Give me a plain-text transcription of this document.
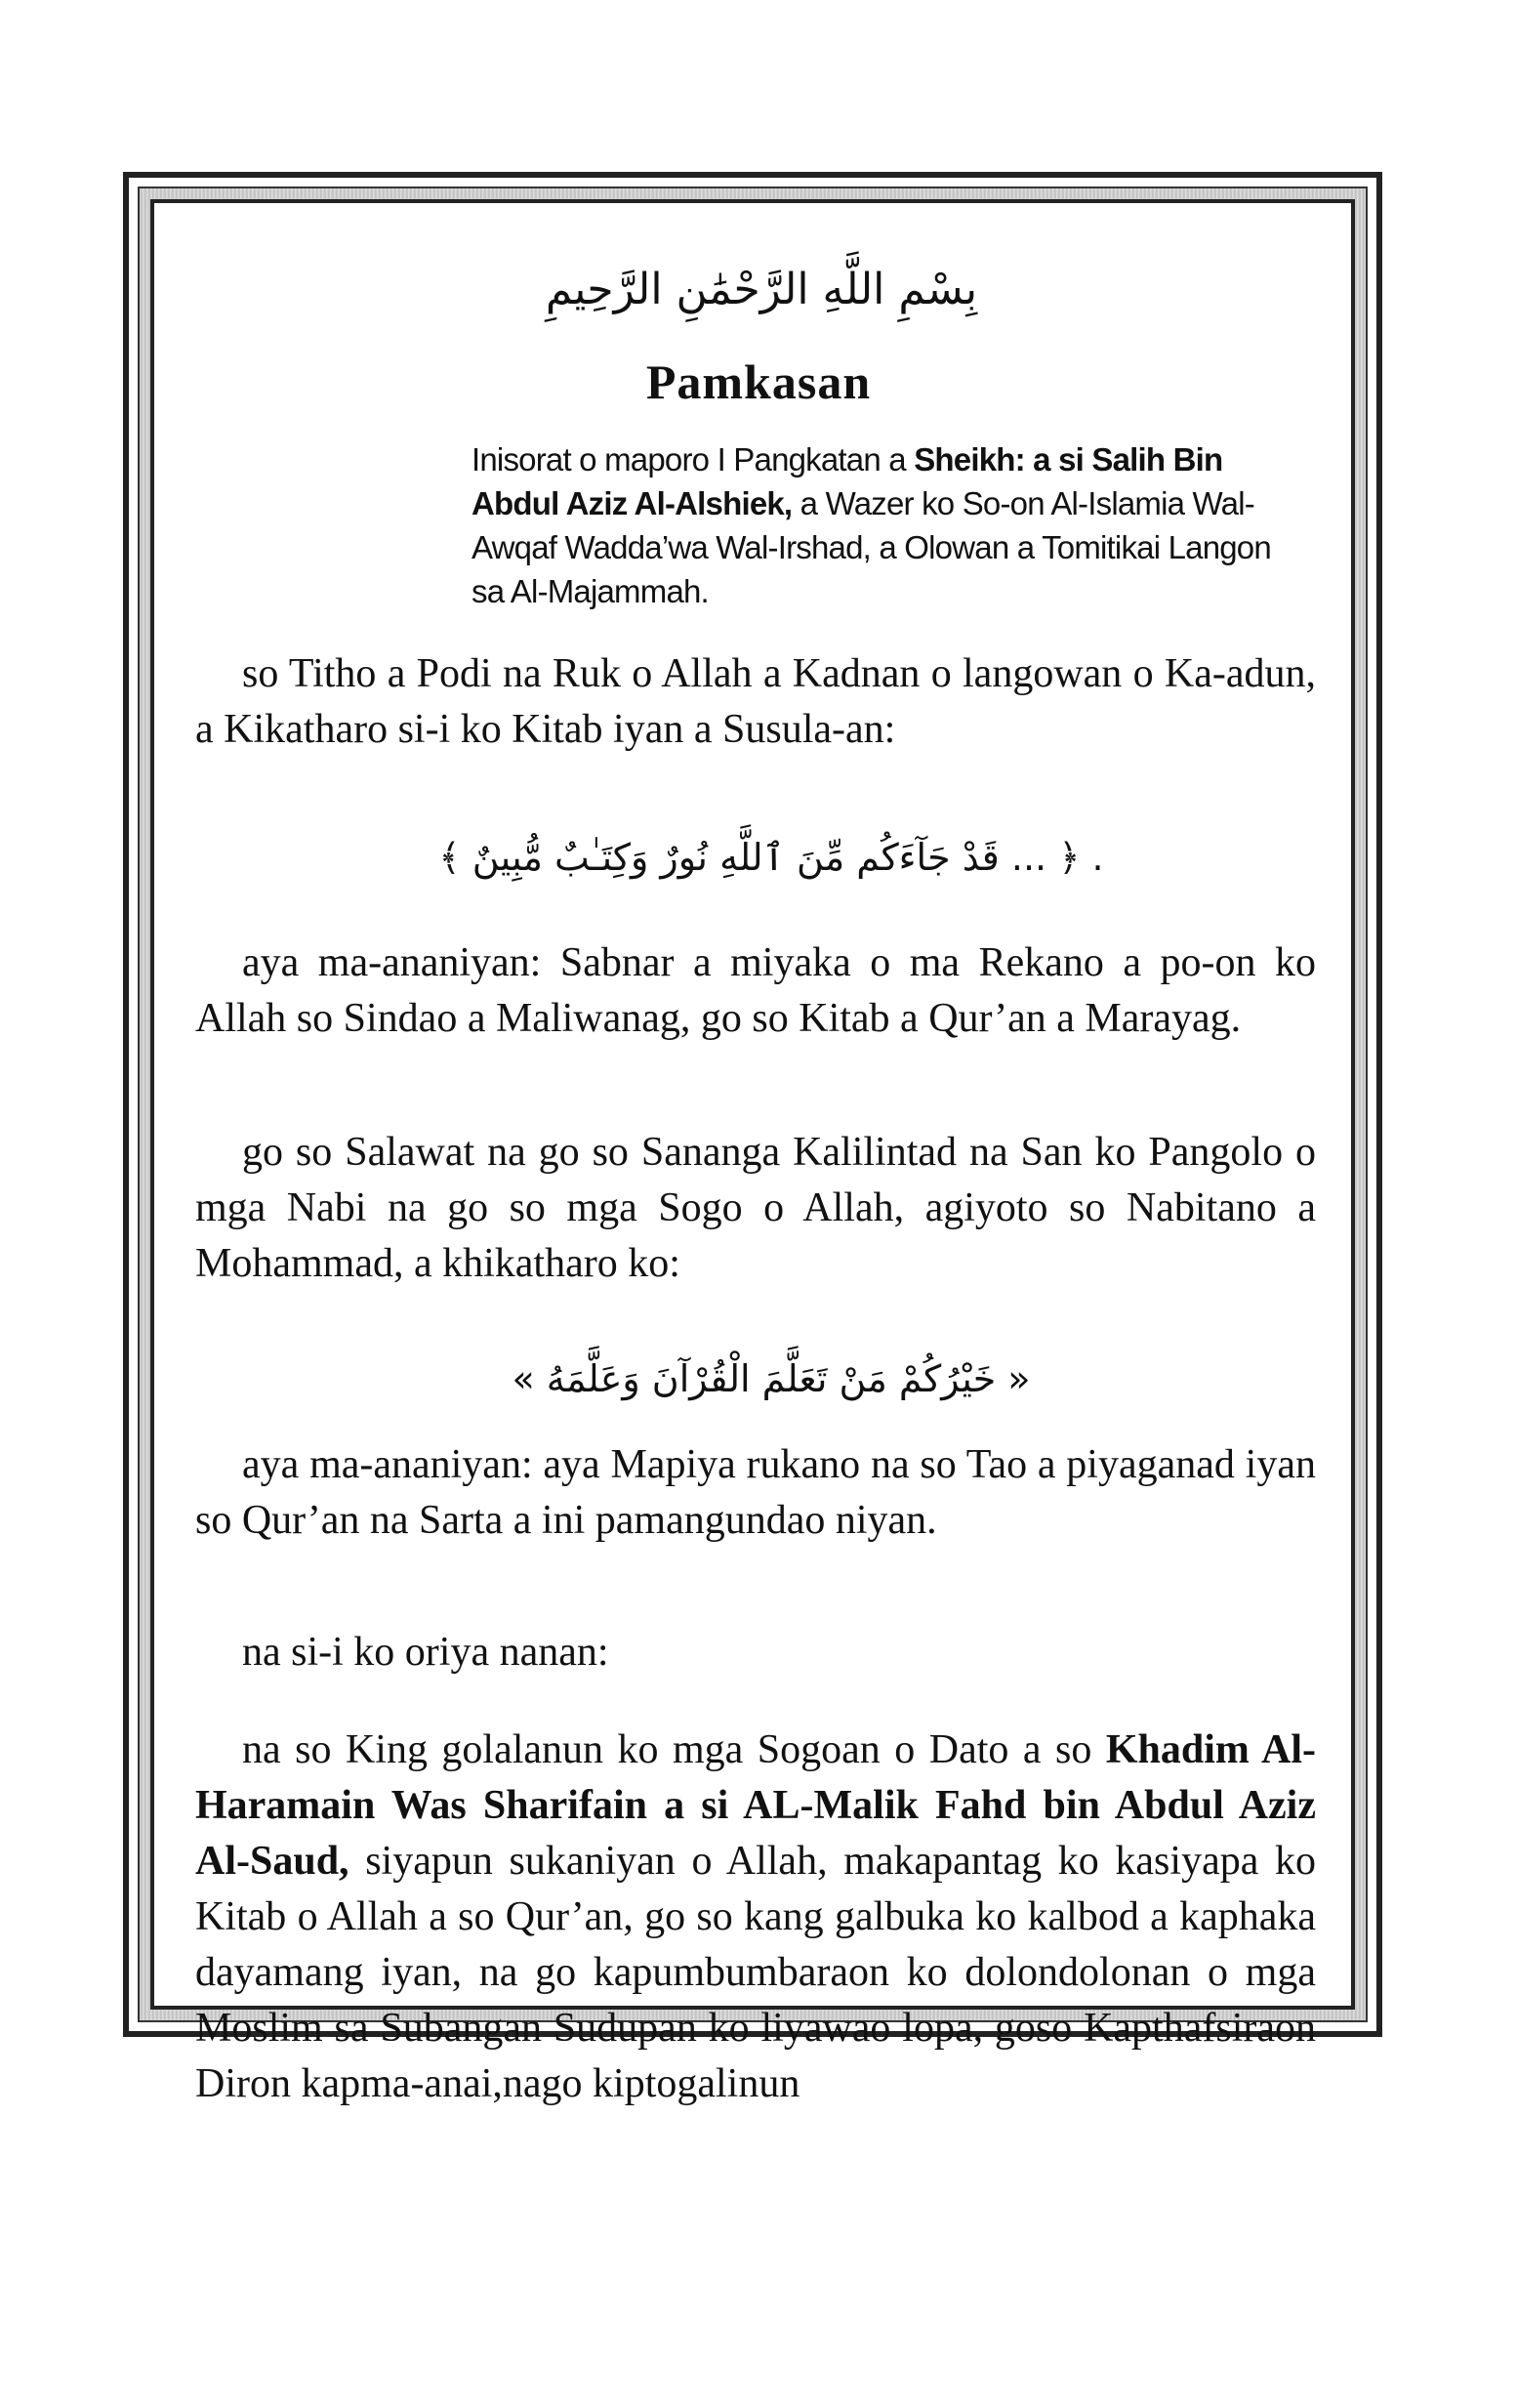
بِسْمِ اللَّهِ الرَّحْمَٰنِ الرَّحِيمِ
Pamkasan
Inisorat o maporo I Pangkatan a Sheikh: a si Salih Bin Abdul Aziz Al-Alshiek, a Wazer ko So-on Al-Islamia Wal-Awqaf Wadda’wa Wal-Irshad, a Olowan a Tomitikai Langon sa Al-Majammah.

so Titho a Podi na Ruk o Allah a Kadnan o langowan o Ka-adun, a Kikatharo si-i ko Kitab iyan a Susula-an:

. ﴿ ... قَدْ جَآءَكُم مِّنَ ٱللَّهِ نُورٌ وَكِتَـٰبٌ مُّبِينٌ ﴾

aya ma-ananiyan: Sabnar a miyaka o ma Rekano a po-on ko Allah so Sindao a Maliwanag, go so Kitab a Qur’an a Marayag.

go so Salawat na go so Sananga Kalilintad na San ko Pangolo o mga Nabi na go so mga Sogo o Allah, agiyoto so Nabitano a Mohammad, a khikatharo ko:

« خَيْرُكُمْ مَنْ تَعَلَّمَ الْقُرْآنَ وَعَلَّمَهُ »

aya ma-ananiyan: aya Mapiya rukano na so Tao a piyaganad iyan so Qur’an na Sarta a ini pamangundao niyan.

na si-i ko oriya nanan:

na so King golalanun ko mga Sogoan o Dato a so Khadim Al-Haramain Was Sharifain a si AL-Malik Fahd bin Abdul Aziz Al-Saud, siyapun sukaniyan o Allah, makapantag ko kasiyapa ko Kitab o Allah a so Qur’an, go so kang galbuka ko kalbod a kaphaka dayamang iyan, na go kapumbumbaraon ko dolondolonan o mga Moslim sa Subangan Sudupan ko liyawao lopa, goso Kapthafsiraon Diron kapma-anai,nago kiptogalinun
